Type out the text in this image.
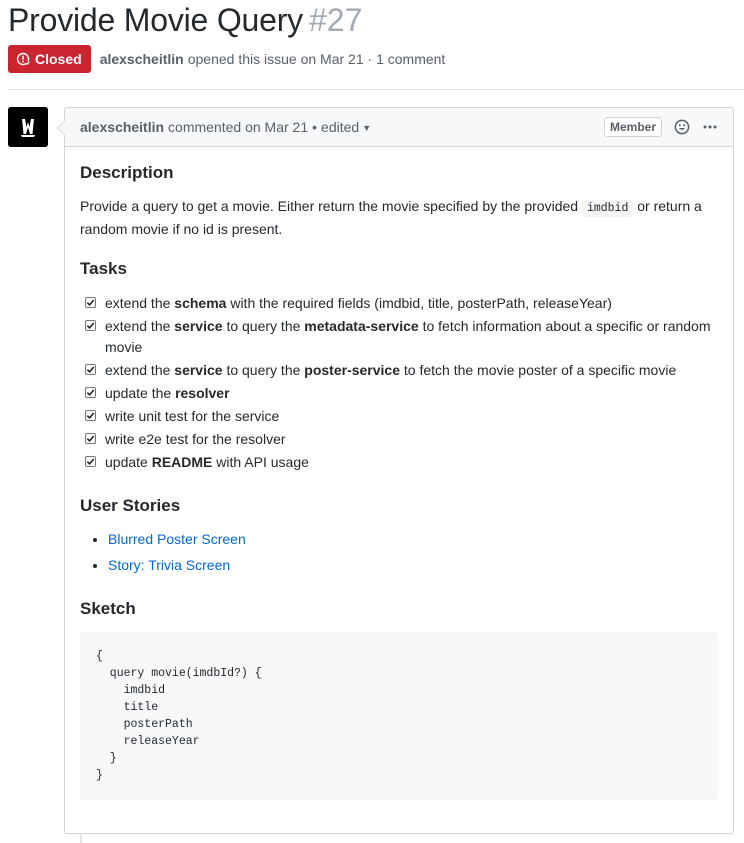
Provide Movie Query #27
Closed alexscheitlin opened this issue on Mar 21 · 1 comment
alexscheitlin commented on Mar 21 • edited ▼	Member
Description

Provide a query to get a movie. Either return the movie specified by the provided imdbid or return a random movie if no id is present.

Tasks
extend the schema with the required fields (imdbid, title, posterPath, releaseYear)
extend the service to query the metadata-service to fetch information about a specific or random movie
extend the service to query the poster-service to fetch the movie poster of a specific movie
update the resolver
write unit test for the service
write e2e test for the resolver
update README with API usage
User Stories
• Blurred Poster Screen
• Story: Trivia Screen
Sketch
{
query movie(imdbId?) {
imdbid
title
posterPath
releaseYear
}
}
